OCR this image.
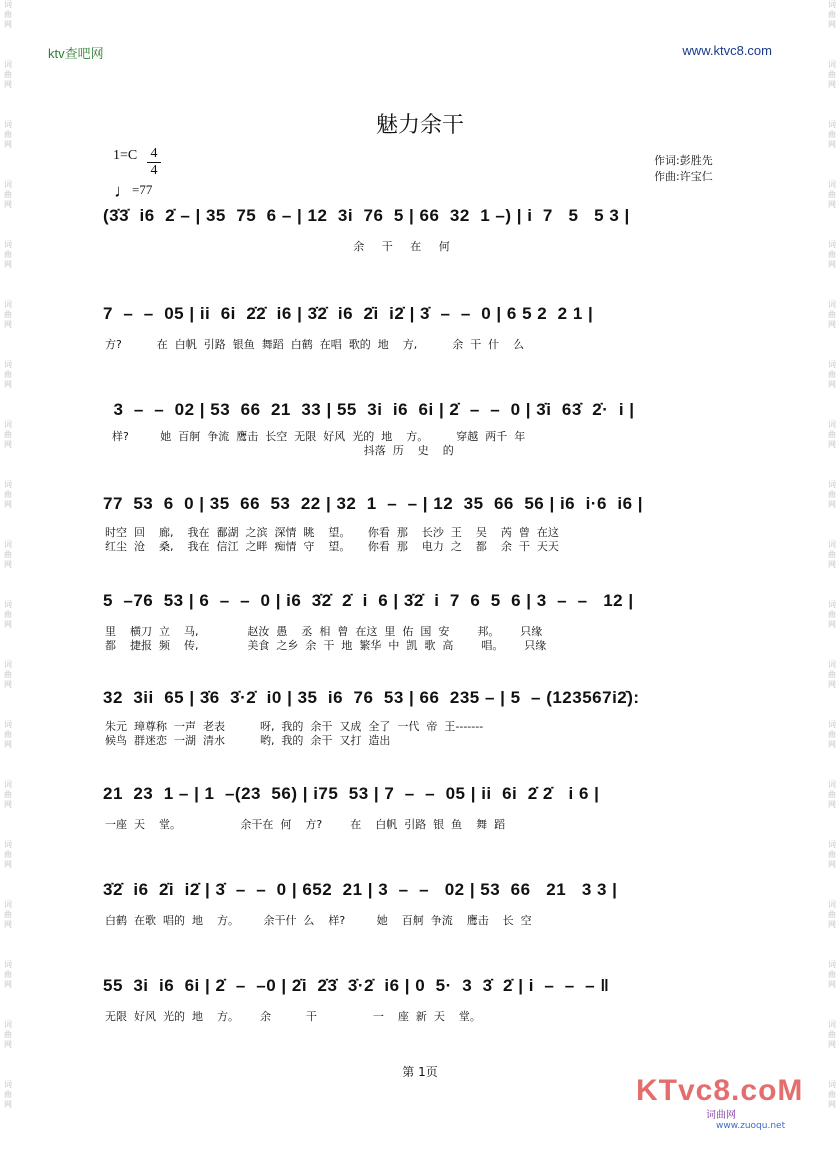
词
曲
网
词
曲
网
词
曲
网
词
曲
网
词
曲
网
词
曲
网
词
曲
网
词
曲
网
词
曲
网
词
曲
网
词
曲
网
词
曲
网
词
曲
网
词
曲
网
词
曲
网
词
曲
网
词
曲
网
词
曲
网
词
曲
网
词
曲
网
词
曲
网
词
曲
网
词
曲
网
词
曲
网
词
曲
网
词
曲
网
词
曲
网
词
曲
网
词
曲
网
词
曲
网
词
曲
网
词
曲
网
词
曲
网
词
曲
网
词
曲
网
词
曲
网
词
曲
网
词
曲
网
ktv查吧网	www.ktvc8.com
魅力余干
$1=C \frac{4}{4}$
♩=77
作词:彭胜先
作曲:许宝仁
(3̇3̇  i6  2̇ – | 35  75  6 – | 12  3i  76  5 | 66  32  1 –) | i  7   5   5 3 |
余     干     在     何
7  –  –  05 | ii  6i  2̇2̇  i6 | 3̇2̇  i6  2̇i  i2̇ | 3̇  –  –  0 | 6 5 2  2 1 |
方?          在  白帆  引路  银鱼  舞蹈  白鹤  在唱  歌的  地    方,          余  干  什    么
3  –  –  02 | 53  66  21  33 | 55  3i  i6  6i | 2̇  –  –  0 | 3̇i  63̇  2̇·  i |
样?         她  百舸  争流  鹰击  长空  无限  好风  光的  地    方。        穿越  两千  年
抖落  历    史    的
77  53  6  0 | 35  66  53  22 | 32  1  –  – | 12  35  66  56 | i6  i·6  i6 |
时空  回    廊,    我在  鄱湖  之滨  深情  眺    望。     你看  那    长沙  王    吴    芮  曾  在这
红尘  沧    桑,    我在  信江  之畔  痴情  守    望。     你看  那    电力  之    都    余  干  天天
5  –76  53 | 6  –  –  0 | i6  3̇2̇  2̇  i  6 | 3̇2̇  i  7  6  5  6 | 3  –  –   12 |
里    横刀  立    马,              赵汝  愚    丞  相  曾  在这  里  佑  国  安        邦。      只缘
都    捷报  频    传,              美食  之乡  余  干  地  繁华  中  凯  歌  高        唱。      只缘
32  3ii  65 | 3̇6  3̇·2̇  i0 | 35  i6  76  53 | 66  235 – | 5  – (123567i2̇):
朱元  璋尊称  一声  老表          呀,  我的  余干  又成  全了  一代  帝  王-------
候鸟  群迷恋  一湖  清水          哟,  我的  余干  又打  造出
21  23  1 – | 1  –(23  56) | i75  53 | 7  –  –  05 | ii  6i  2̇ 2̇   i 6 |
一座  天    堂。                 余干在  何    方?        在    白帆  引路  银  鱼    舞  蹈
3̇2̇  i6  2̇i  i2̇ | 3̇  –  –  0 | 652  21 | 3  –  –   02 | 53  66   21   3 3 |
白鹤  在歌  唱的  地    方。       余干什  么    样?         她    百舸  争流    鹰击    长  空
55  3i  i6  6i | 2̇  –  –0 | 2̇i  2̇3̇  3̇·2̇  i6 | 0  5·  3  3̇  2̇ | i  –  –  – ‖
无限  好风  光的  地    方。      余          干                一    座  新  天    堂。
第 1页
KTvc8.coM
词曲网
www.zuoqu.net
